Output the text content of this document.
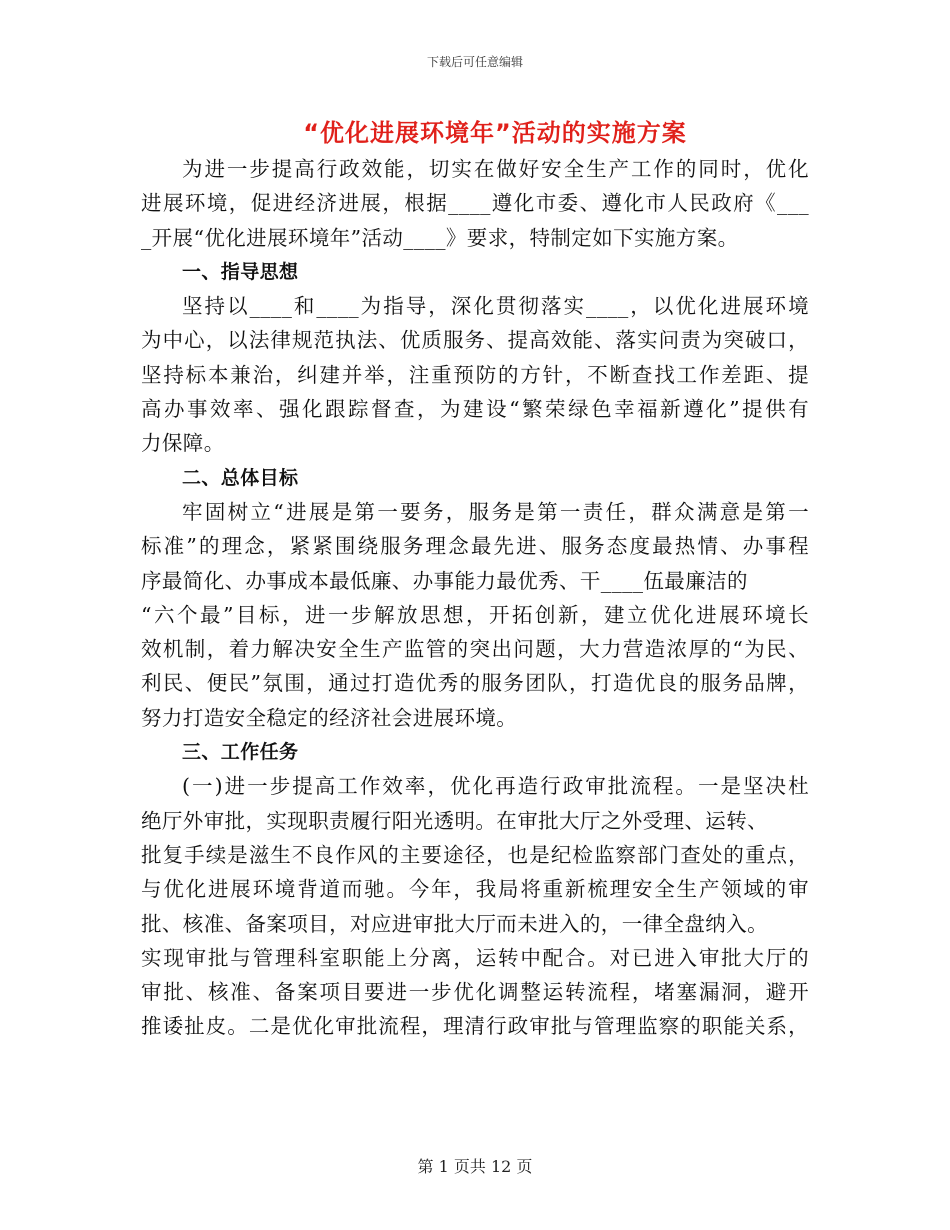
下载后可任意编辑
“优化进展环境年”活动的实施方案
为进一步提高行政效能，切实在做好安全生产工作的同时，优化
进展环境，促进经济进展，根据____遵化市委、遵化市人民政府《___
_开展“优化进展环境年”活动____》要求，特制定如下实施方案。
一、指导思想
坚持以____和____为指导，深化贯彻落实____，以优化进展环境
为中心，以法律规范执法、优质服务、提高效能、落实问责为突破口，
坚持标本兼治，纠建并举，注重预防的方针，不断查找工作差距、提
高办事效率、强化跟踪督查，为建设“繁荣绿色幸福新遵化”提供有
力保障。
二、总体目标
牢固树立“进展是第一要务，服务是第一责任，群众满意是第一
标准”的理念，紧紧围绕服务理念最先进、服务态度最热情、办事程
序最简化、办事成本最低廉、办事能力最优秀、干____伍最廉洁的
“六个最”目标，进一步解放思想，开拓创新，建立优化进展环境长
效机制，着力解决安全生产监管的突出问题，大力营造浓厚的“为民、
利民、便民”氛围，通过打造优秀的服务团队，打造优良的服务品牌，
努力打造安全稳定的经济社会进展环境。
三、工作任务
(一)进一步提高工作效率，优化再造行政审批流程。一是坚决杜
绝厅外审批，实现职责履行阳光透明。在审批大厅之外受理、运转、
批复手续是滋生不良作风的主要途径，也是纪检监察部门查处的重点，
与优化进展环境背道而驰。今年，我局将重新梳理安全生产领域的审
批、核准、备案项目，对应进审批大厅而未进入的，一律全盘纳入。
实现审批与管理科室职能上分离，运转中配合。对已进入审批大厅的
审批、核准、备案项目要进一步优化调整运转流程，堵塞漏洞，避开
推诿扯皮。二是优化审批流程，理清行政审批与管理监察的职能关系，
第 1 页共 12 页
